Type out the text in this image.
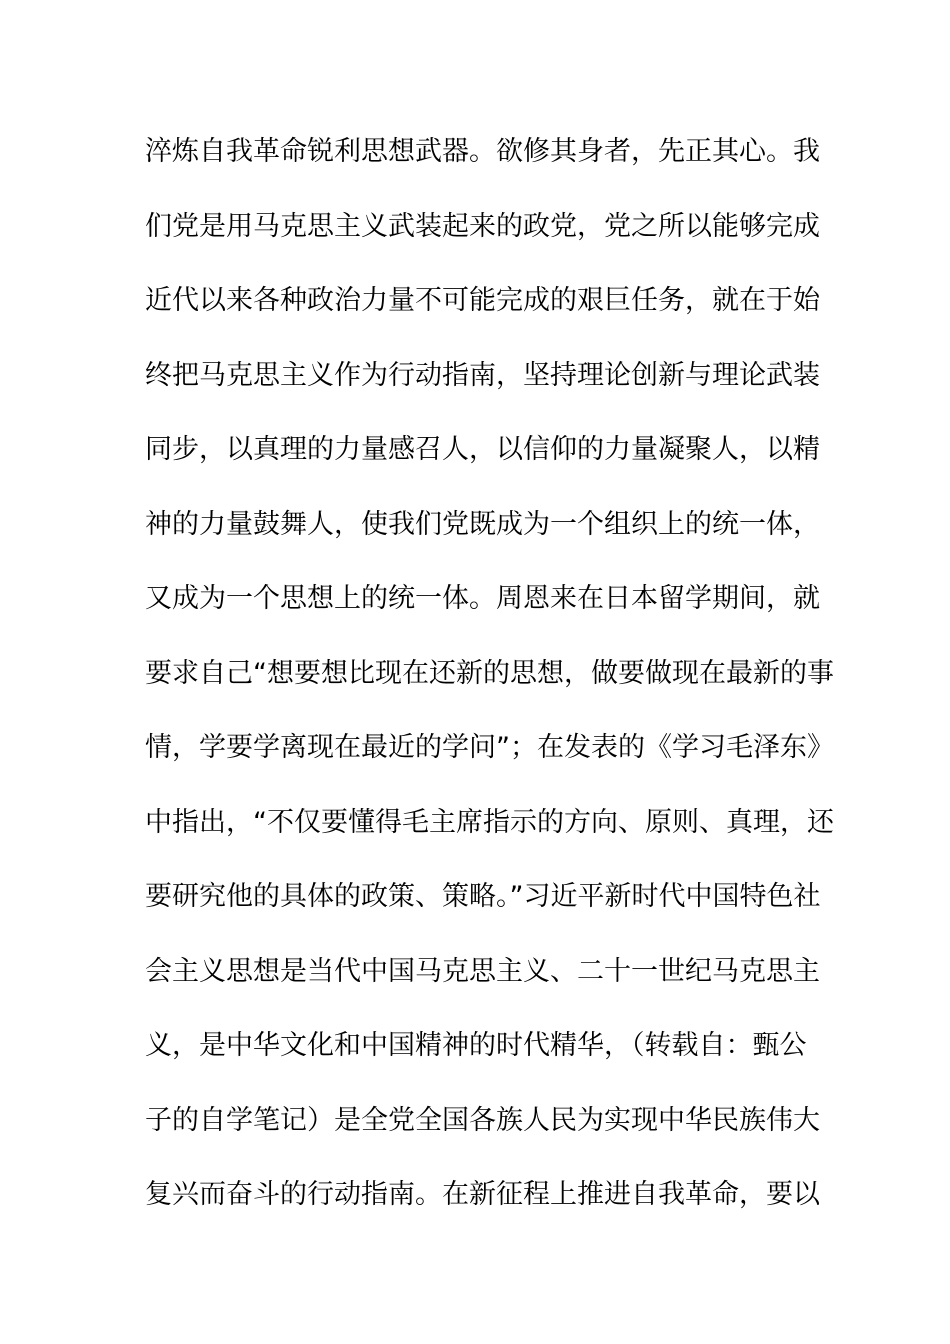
淬炼自我革命锐利思想武器。欲修其身者，先正其心。我
们党是用马克思主义武装起来的政党，党之所以能够完成
近代以来各种政治力量不可能完成的艰巨任务，就在于始
终把马克思主义作为行动指南，坚持理论创新与理论武装
同步，以真理的力量感召人，以信仰的力量凝聚人，以精
神的力量鼓舞人，使我们党既成为一个组织上的统一体，
又成为一个思想上的统一体。周恩来在日本留学期间，就
要求自己“想要想比现在还新的思想，做要做现在最新的事
情，学要学离现在最近的学问”；在发表的《学习毛泽东》
中指出，“不仅要懂得毛主席指示的方向、原则、真理，还
要研究他的具体的政策、策略。”习近平新时代中国特色社
会主义思想是当代中国马克思主义、二十一世纪马克思主
义，是中华文化和中国精神的时代精华，（转载自：甄公
子的自学笔记）是全党全国各族人民为实现中华民族伟大
复兴而奋斗的行动指南。在新征程上推进自我革命，要以
